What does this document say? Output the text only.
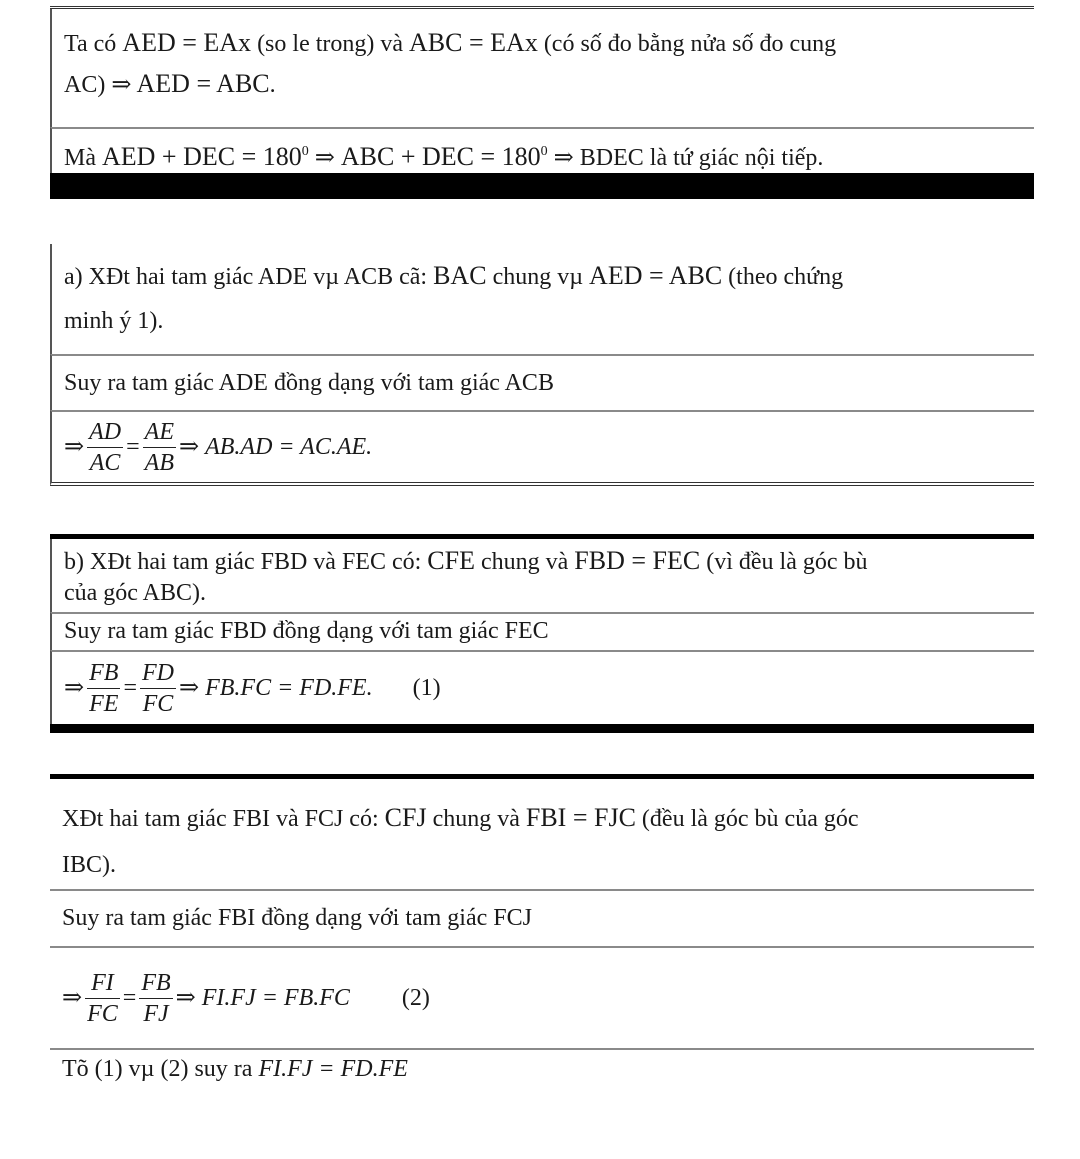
Ta có AED = EAx (so le trong) và ABC = EAx (có số đo bằng nửa số đo cung
AC) ⇒ AED = ABC.
Mà AED + DEC = $180^0$ ⇒ ABC + DEC = $180^0$ ⇒ BDEC là tứ giác nội tiếp.
a) XĐt hai tam giác ADE vµ ACB cã: BAC chung vµ AED = ABC (theo chứng
minh ý 1).
Suy ra tam giác ADE đồng dạng với tam giác ACB
⇒ $\frac{AD}{AC} = \frac{AE}{AB}$ ⇒
AB.AD = AC.AE.
b) XĐt hai tam giác FBD và FEC có: CFE chung và FBD = FEC (vì đều là góc bù
của góc ABC).
Suy ra tam giác FBD đồng dạng với tam giác FEC
⇒ $\frac{FB}{FE} = \frac{FD}{FC}$ ⇒
FB.FC = FD.FE. (1)
XĐt hai tam giác FBI và FCJ có: CFJ chung và FBI = FJC (đều là góc bù của góc
IBC).
Suy ra tam giác FBI đồng dạng với tam giác FCJ
⇒ $\frac{FI}{FC} = \frac{FB}{FJ}$ ⇒
FI.FJ = FB.FC (2)
Tõ (1) vµ (2) suy ra FI.FJ = FD.FE
